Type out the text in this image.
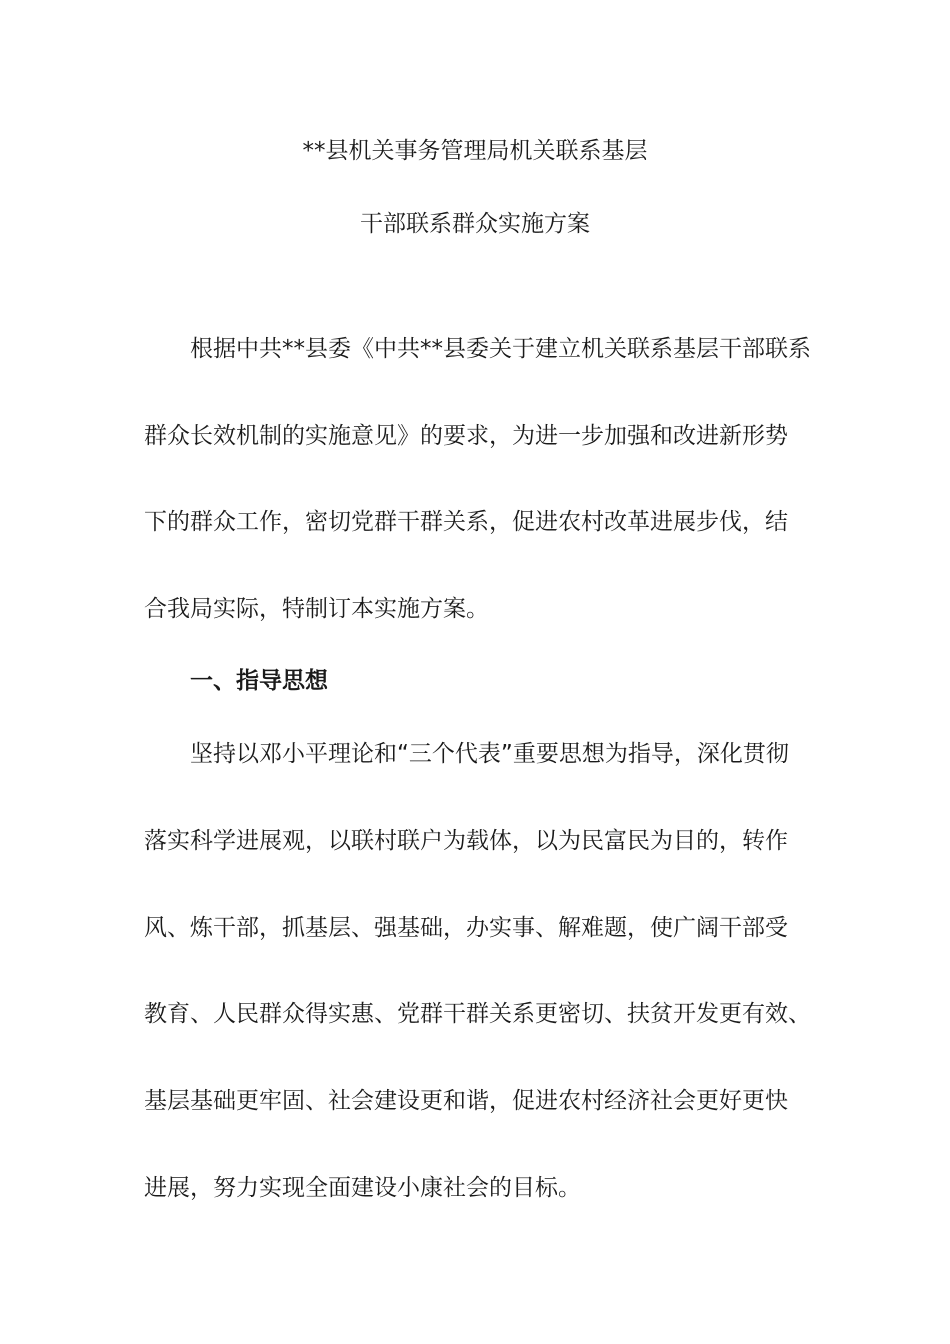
**县机关事务管理局机关联系基层
干部联系群众实施方案
根据中共**县委《中共**县委关于建立机关联系基层干部联系
群众长效机制的实施意见》的要求，为进一步加强和改进新形势
下的群众工作，密切党群干群关系，促进农村改革进展步伐，结
合我局实际，特制订本实施方案。
一、指导思想
坚持以邓小平理论和“三个代表”重要思想为指导，深化贯彻
落实科学进展观，以联村联户为载体，以为民富民为目的，转作
风、炼干部，抓基层、强基础，办实事、解难题，使广阔干部受
教育、人民群众得实惠、党群干群关系更密切、扶贫开发更有效、
基层基础更牢固、社会建设更和谐，促进农村经济社会更好更快
进展，努力实现全面建设小康社会的目标。
